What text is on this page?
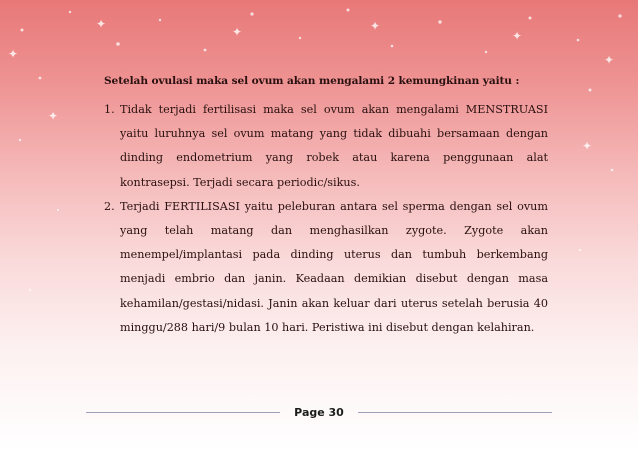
✦
✦
✦	✦
✦
✦
✦
✦

Setelah ovulasi maka sel ovum akan mengalami 2 kemungkinan yaitu :

1. Tidak terjadi fertilisasi maka sel ovum akan mengalami MENSTRUASI yaitu luruhnya sel ovum matang yang tidak dibuahi bersamaan dengan dinding endometrium yang robek atau karena penggunaan alat kontrasepsi. Terjadi secara periodic/sikus.
2. Terjadi FERTILISASI yaitu peleburan antara sel sperma dengan sel ovum yang telah matang dan menghasilkan zygote. Zygote akan menempel/implantasi pada dinding uterus dan tumbuh berkembang menjadi embrio dan janin. Keadaan demikian disebut dengan masa kehamilan/gestasi/nidasi. Janin akan keluar dari uterus setelah berusia 40 minggu/288 hari/9 bulan 10 hari. Peristiwa ini disebut dengan kelahiran.
Page 30
